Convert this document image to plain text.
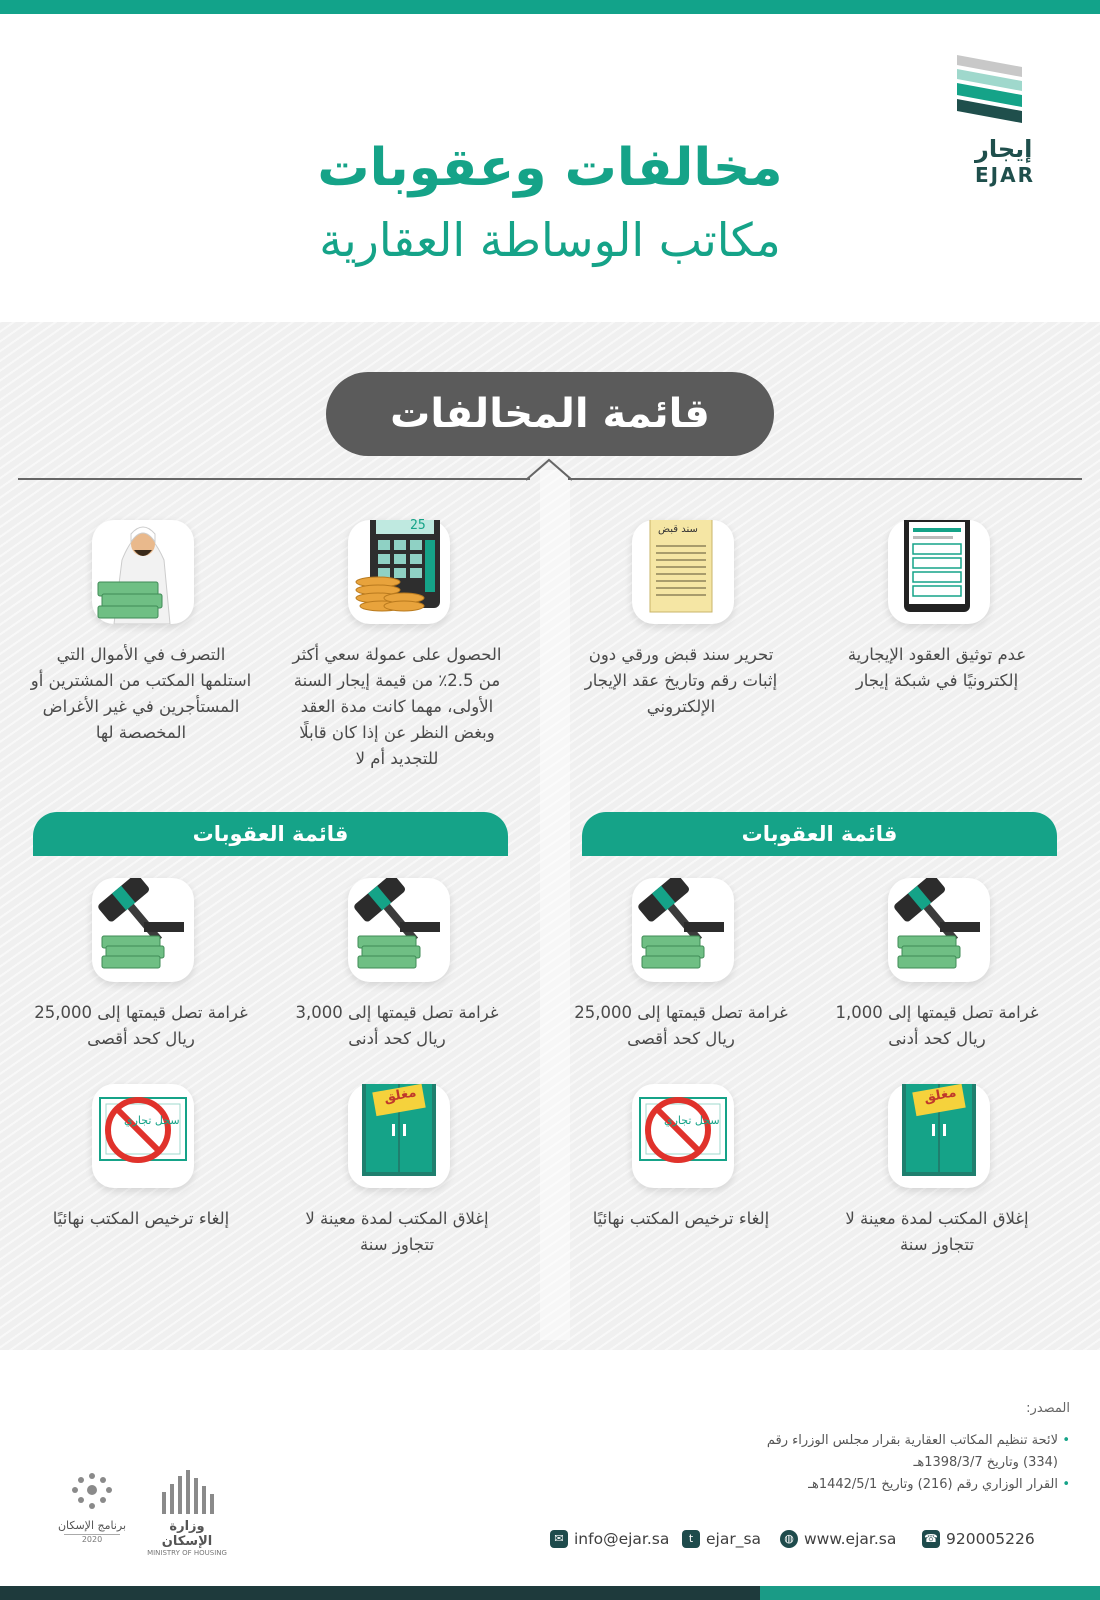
إيجار
EJAR
مخالفات وعقوبات
مكاتب الوساطة العقارية
قائمة المخالفات
سند قبض
25
عدم توثيق العقود الإيجارية إلكترونيًا في شبكة إيجار
تحرير سند قبض ورقي دون إثبات رقم وتاريخ عقد الإيجار الإلكتروني
الحصول على عمولة سعي أكثر من 2.5٪ من قيمة إيجار السنة الأولى، مهما كانت مدة العقد وبغض النظر عن إذا كان قابلًا للتجديد أم لا
التصرف في الأموال التي استلمها المكتب من المشترين أو المستأجرين في غير الأغراض المخصصة لها
قائمة العقوبات
قائمة العقوبات
غرامة تصل قيمتها إلى 1,000 ريال كحد أدنى
غرامة تصل قيمتها إلى 25,000 ريال كحد أقصى
غرامة تصل قيمتها إلى 3,000 ريال كحد أدنى
غرامة تصل قيمتها إلى 25,000 ريال كحد أقصى
مغلق
سجل تجاري
مغلق
سجل تجاري
إغلاق المكتب لمدة معينة لا تتجاوز سنة
إلغاء ترخيص المكتب نهائيًا
إغلاق المكتب لمدة معينة لا تتجاوز سنة
إلغاء ترخيص المكتب نهائيًا
المصدر:
• لائحة تنظيم المكاتب العقارية بقرار مجلس الوزراء رقم (334) وتاريخ 1398/3/7هـ
• القرار الوزاري رقم (216) وتاريخ 1442/5/1هـ
وزارة الإسكان
MINISTRY OF HOUSING
برنامج الإسكان
2020	✉ info@ejar.sa	t ejar_sa	◍ www.ejar.sa	☎ 920005226
